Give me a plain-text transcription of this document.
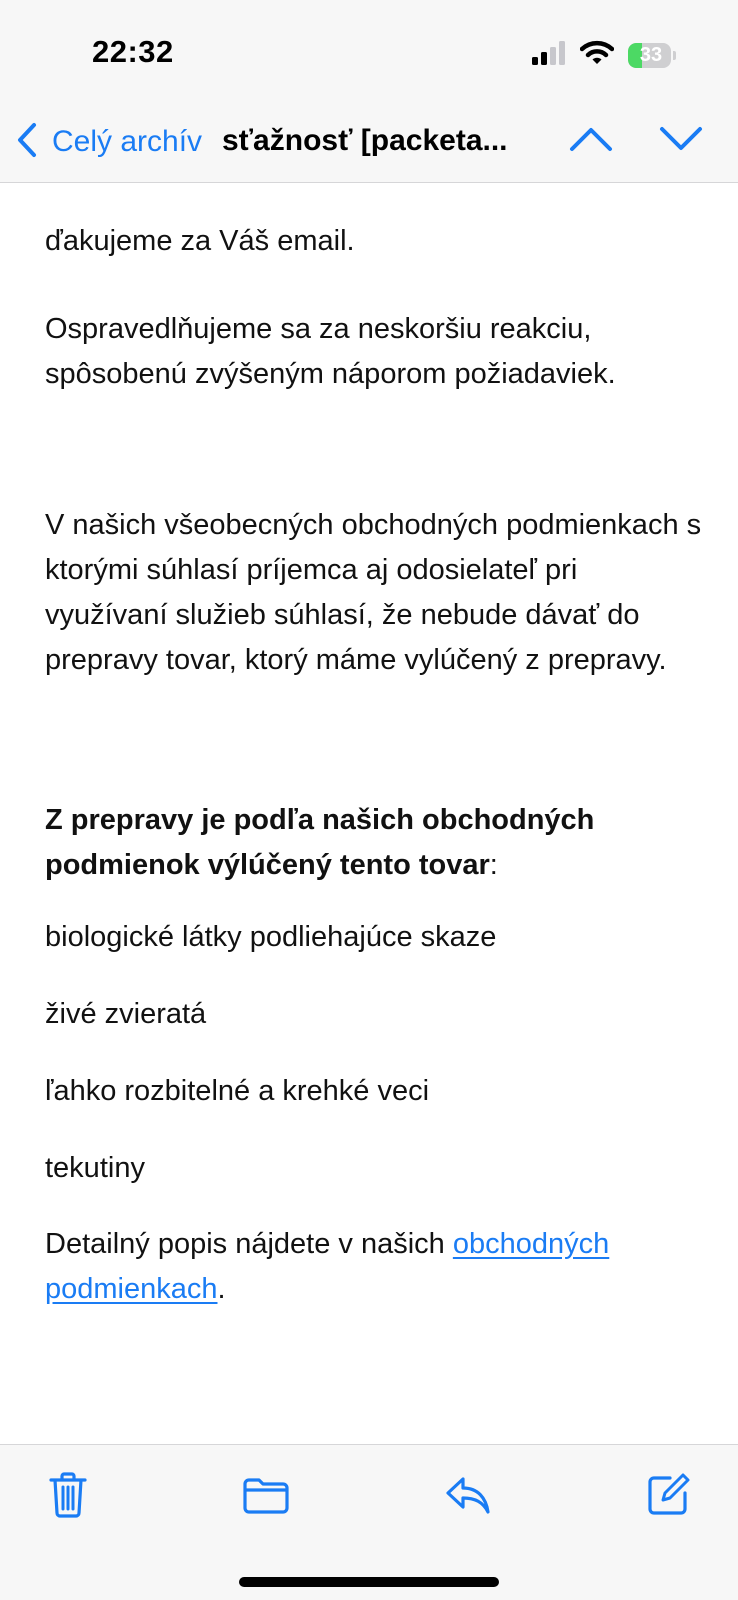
22:32	33
Celý archív sťažnosť [packeta...

ďakujeme za Váš email.

Ospravedlňujeme sa za neskoršiu reakciu, spôsobenú zvýšeným náporom požiadaviek.

V našich všeobecných obchodných podmienkach s ktorými súhlasí príjemca aj odosielateľ pri využívaní služieb súhlasí, že nebude dávať do prepravy tovar, ktorý máme vylúčený z prepravy.

Z prepravy je podľa našich obchodných podmienok výlúčený tento tovar:

biologické látky podliehajúce skaze

živé zvieratá

ľahko rozbitelné a krehké veci

tekutiny

Detailný popis nájdete v našich obchodných podmienkach.
